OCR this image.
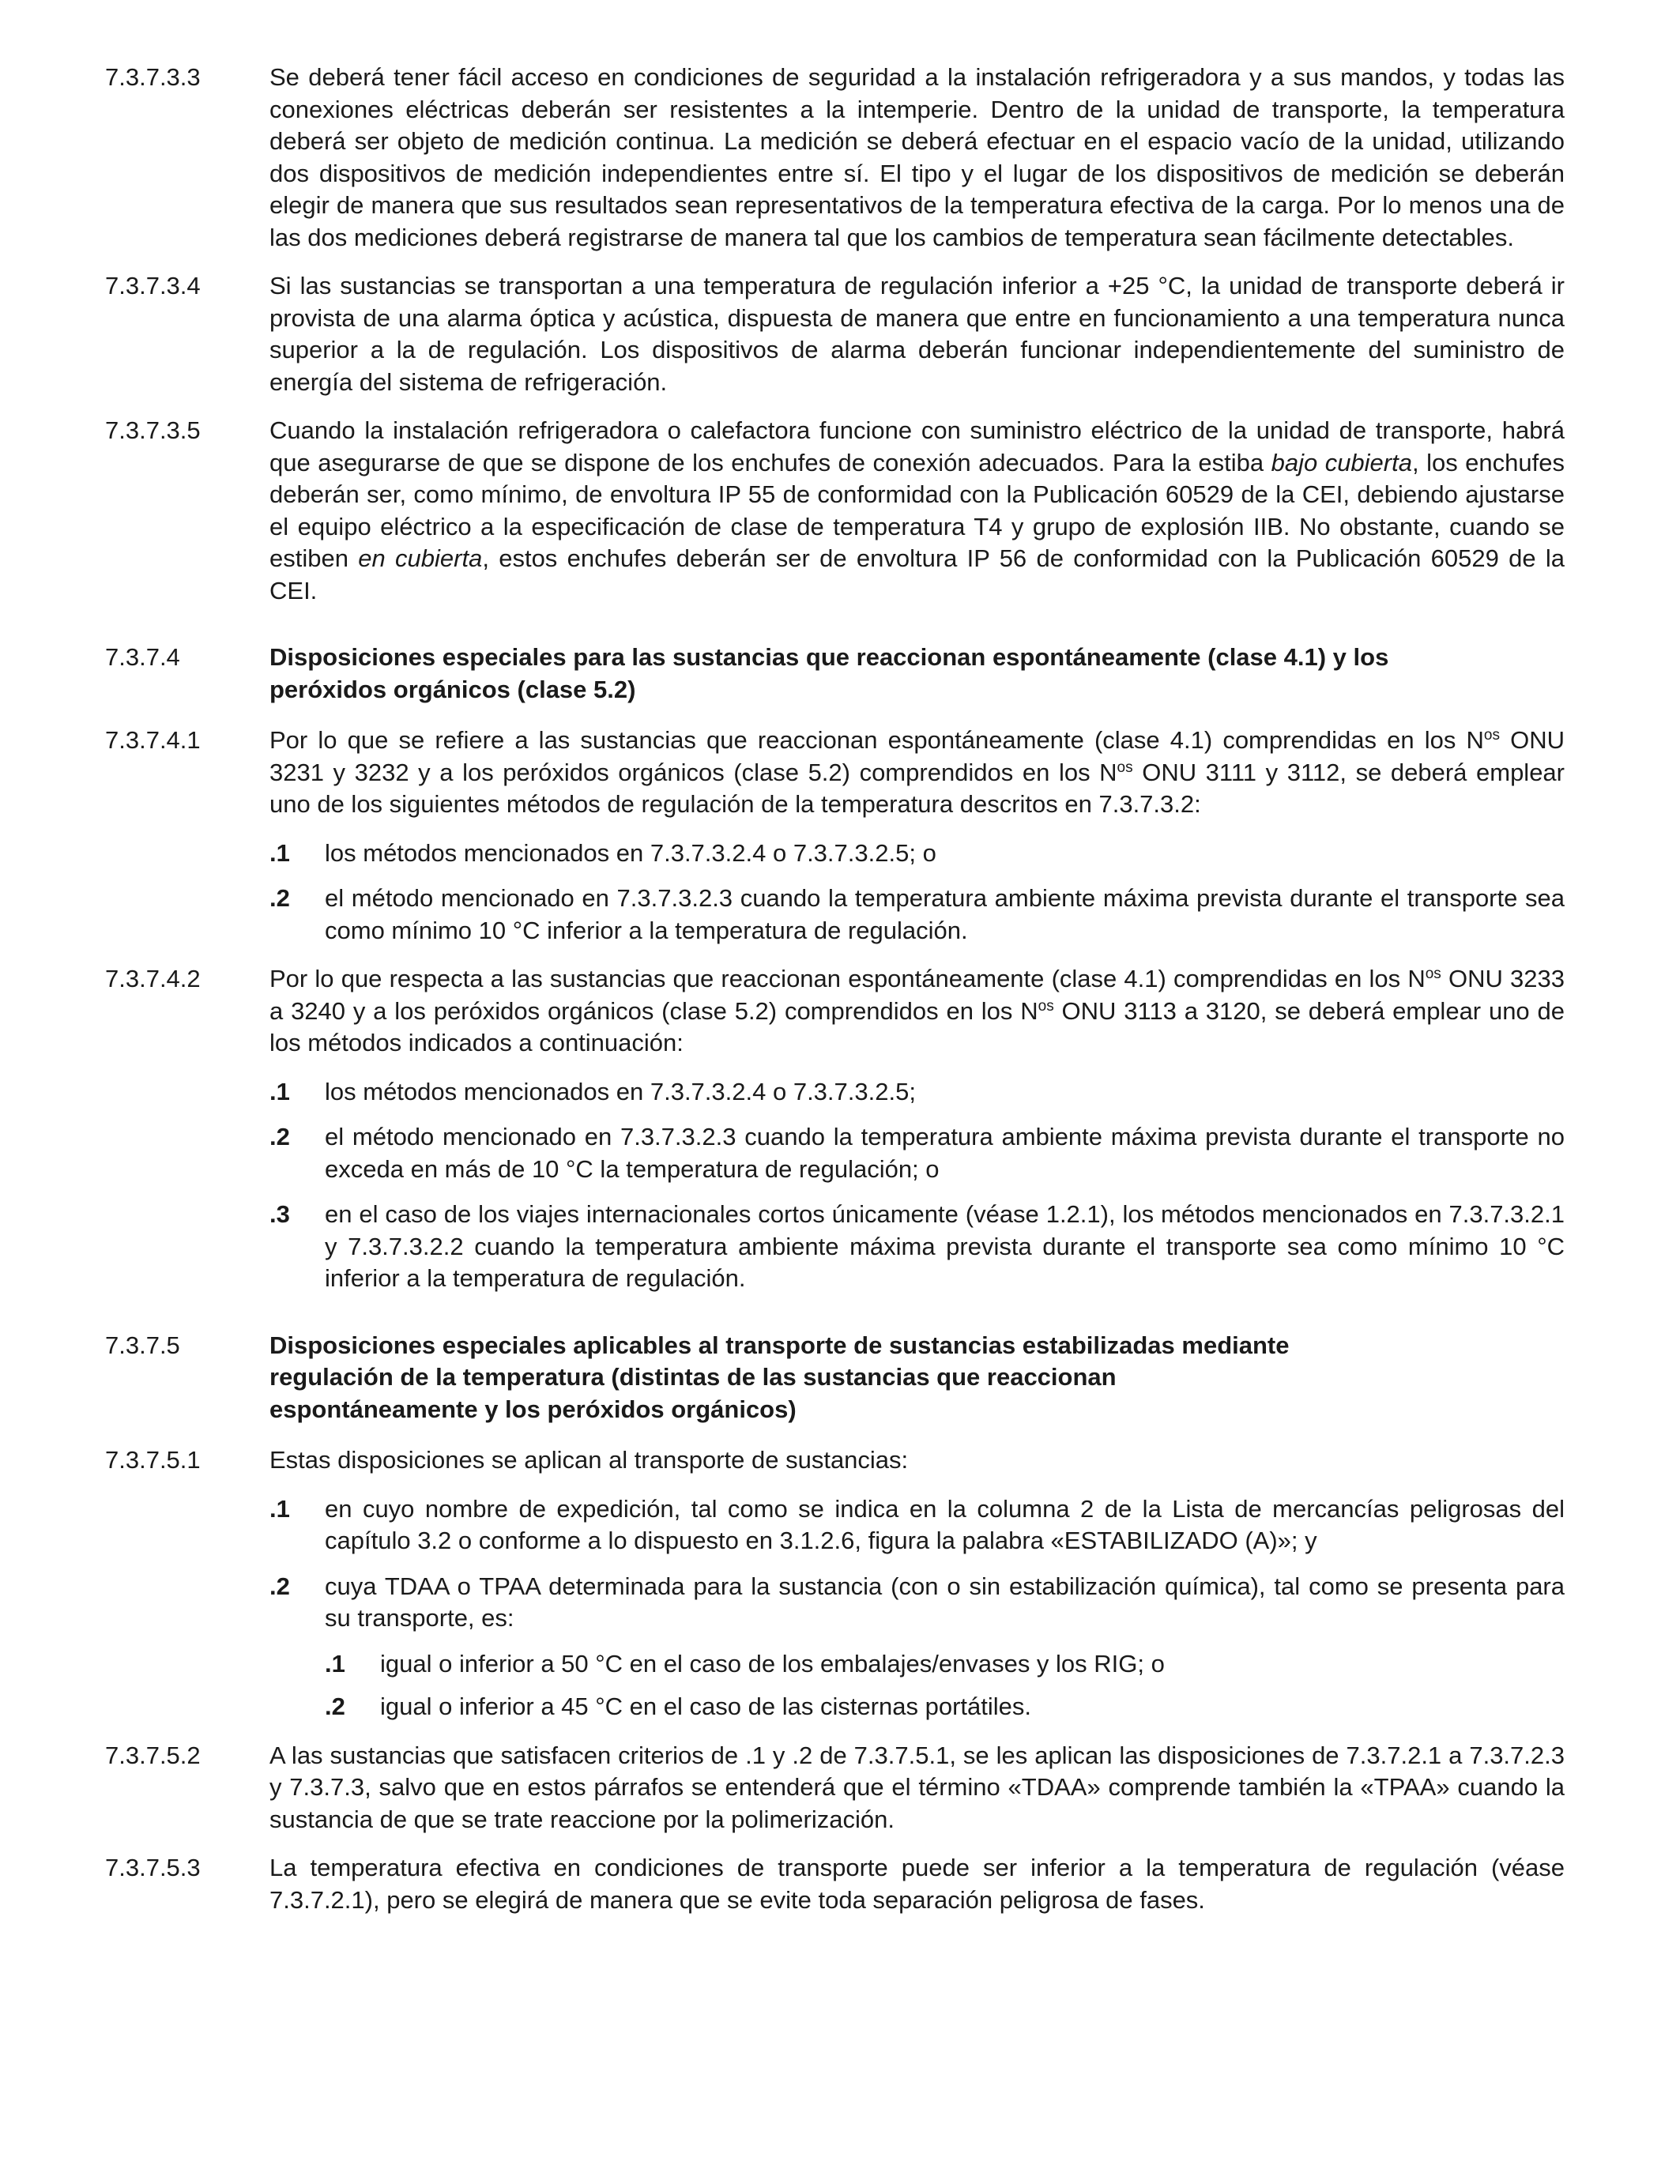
7.3.7.3.3	Se deberá tener fácil acceso en condiciones de seguridad a la instalación refrigeradora y a sus mandos, y todas las conexiones eléctricas deberán ser resistentes a la intemperie. Dentro de la unidad de transporte, la temperatura deberá ser objeto de medición continua. La medición se deberá efectuar en el espacio vacío de la unidad, utilizando dos dispositivos de medición independientes entre sí. El tipo y el lugar de los dispositivos de medición se deberán elegir de manera que sus resultados sean representativos de la temperatura efectiva de la carga. Por lo menos una de las dos mediciones deberá registrarse de manera tal que los cambios de temperatura sean fácilmente detectables.
7.3.7.3.4	Si las sustancias se transportan a una temperatura de regulación inferior a +25 °C, la unidad de transporte deberá ir provista de una alarma óptica y acústica, dispuesta de manera que entre en funcionamiento a una temperatura nunca superior a la de regulación. Los dispositivos de alarma deberán funcionar independientemente del suministro de energía del sistema de refrigeración.
7.3.7.3.5	Cuando la instalación refrigeradora o calefactora funcione con suministro eléctrico de la unidad de transporte, habrá que asegurarse de que se dispone de los enchufes de conexión adecuados. Para la estiba bajo cubierta, los enchufes deberán ser, como mínimo, de envoltura IP 55 de conformidad con la Publicación 60529 de la CEI, debiendo ajustarse el equipo eléctrico a la especificación de clase de temperatura T4 y grupo de explosión IIB. No obstante, cuando se estiben en cubierta, estos enchufes deberán ser de envoltura IP 56 de conformidad con la Publicación 60529 de la CEI.
7.3.7.4	Disposiciones especiales para las sustancias que reaccionan espontáneamente (clase 4.1) y los peróxidos orgánicos (clase 5.2)
7.3.7.4.1	Por lo que se refiere a las sustancias que reaccionan espontáneamente (clase 4.1) comprendidas en los $N^{os}$ ONU 3231 y 3232 y a los peróxidos orgánicos (clase 5.2) comprendidos en los $N^{os}$ ONU 3111 y 3112, se deberá emplear uno de los siguientes métodos de regulación de la temperatura descritos en 7.3.7.3.2:
.1	los métodos mencionados en 7.3.7.3.2.4 o 7.3.7.3.2.5; o
.2	el método mencionado en 7.3.7.3.2.3 cuando la temperatura ambiente máxima prevista durante el transporte sea como mínimo 10 °C inferior a la temperatura de regulación.
7.3.7.4.2	Por lo que respecta a las sustancias que reaccionan espontáneamente (clase 4.1) comprendidas en los $N^{os}$ ONU 3233 a 3240 y a los peróxidos orgánicos (clase 5.2) comprendidos en los $N^{os}$ ONU 3113 a 3120, se deberá emplear uno de los métodos indicados a continuación:
.1	los métodos mencionados en 7.3.7.3.2.4 o 7.3.7.3.2.5;
.2	el método mencionado en 7.3.7.3.2.3 cuando la temperatura ambiente máxima prevista durante el transporte no exceda en más de 10 °C la temperatura de regulación; o
.3	en el caso de los viajes internacionales cortos únicamente (véase 1.2.1), los métodos mencionados en 7.3.7.3.2.1 y 7.3.7.3.2.2 cuando la temperatura ambiente máxima prevista durante el transporte sea como mínimo 10 °C inferior a la temperatura de regulación.
7.3.7.5	Disposiciones especiales aplicables al transporte de sustancias estabilizadas mediante
regulación de la temperatura (distintas de las sustancias que reaccionan
espontáneamente y los peróxidos orgánicos)
7.3.7.5.1	Estas disposiciones se aplican al transporte de sustancias:
.1	en cuyo nombre de expedición, tal como se indica en la columna 2 de la Lista de mercancías peligrosas del capítulo 3.2 o conforme a lo dispuesto en 3.1.2.6, figura la palabra «ESTABILIZADO (A)»; y
.2	cuya TDAA o TPAA determinada para la sustancia (con o sin estabilización química), tal como se presenta para su transporte, es:
.1	igual o inferior a 50 °C en el caso de los embalajes/envases y los RIG; o
.2	igual o inferior a 45 °C en el caso de las cisternas portátiles.
7.3.7.5.2	A las sustancias que satisfacen criterios de .1 y .2 de 7.3.7.5.1, se les aplican las disposiciones de 7.3.7.2.1 a 7.3.7.2.3 y 7.3.7.3, salvo que en estos párrafos se entenderá que el término «TDAA» comprende también la «TPAA» cuando la sustancia de que se trate reaccione por la polimerización.
7.3.7.5.3	La temperatura efectiva en condiciones de transporte puede ser inferior a la temperatura de regulación (véase 7.3.7.2.1), pero se elegirá de manera que se evite toda separación peligrosa de fases.
